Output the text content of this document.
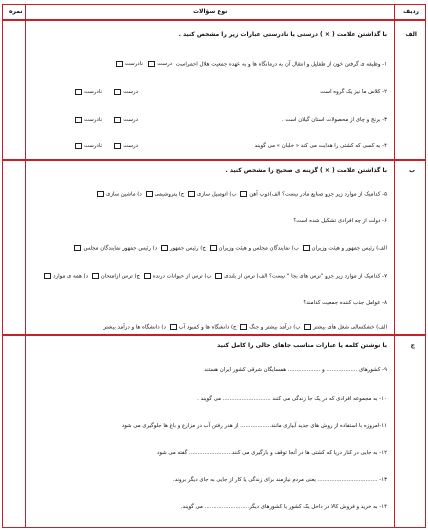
نمره	نوع سؤالات	ردیف
الف
ب
ج
با گذاشتن علامت ( × ) درستی یا نادرستی عبارات زیر را مشخص کنید .
۱- وظیفه ی گرفتن خون از طفلیل و انتقال آن به درمانگاه ها و به عهده جمعیت هلال احمراست  درست  نادرست
۲- کلاس ما نیز یک گروه است
درست      نادرست
۳- برنج و چای از محصولات استان گیلان است .
درست      نادرست
۴- به کسی که کشتی را هدایت می کند « خلبان » می گویند
درست      نادرست
با گذاشتن علامت ( × ) گزینه ی صحیح را مشخص کنید .
۵- کدامیک از موارد زیر جزو صنایع مادر نیست؟ الف)ذوب آهن ب) اتومبیل سازی ج) پتروشیمی د) ماشین سازی
۶- دولت از چه افرادی تشکیل شده است؟
الف) رئیس جمهور و هیئت وزیران ب) نمایندگان مجلس و هیئت وزیران ج) رئیس جمهور د) رئیس جمهور نمایندگان مجلس
۷- کدامیک از موارد زیر جزو "ترس های بجا " نیست؟ الف) ترس از بلندی ب) ترس از حیوانات درنده ج) ترس ازامتحان د) همه ی موارد
۸- عوامل جذب کننده جمعیت کدامند؟
الف) خشکسالی شغل های بیشتر ب) درآمد بیشتر و جنگ ج) دانشگاه ها و کمبود آب د) دانشگاه ها و درآمد بیشتر
با نوشتن کلمه یا عبارات مناسب جاهای خالی را کامل کنید
۹- کشورهای .................. و ................... همسایگان شرقی کشور ایران هستند
۱۰- به مجموعه افرادی که در یک جا زندگی می کنند ............................ می گویند .
۱۱-امروزه با استفاده از روش های جدید آبیاری مانند.................. از هدر رفتن آب در مزارع و باغ ها جلوگیری می شود
۱۲- به جایی در کنار دریا که کشتی ها در آنجا توقف و بارگیری می کنند......................... گفته می شود
۱۳- ................................... یعنی مردم نیازمند برای زندگی یا کار از جایی به جای دیگر بروند.
۱۴- به خرید و فروش کالا در داخل یک کشور یا کشورهای دیگر.......................... می گویند.
